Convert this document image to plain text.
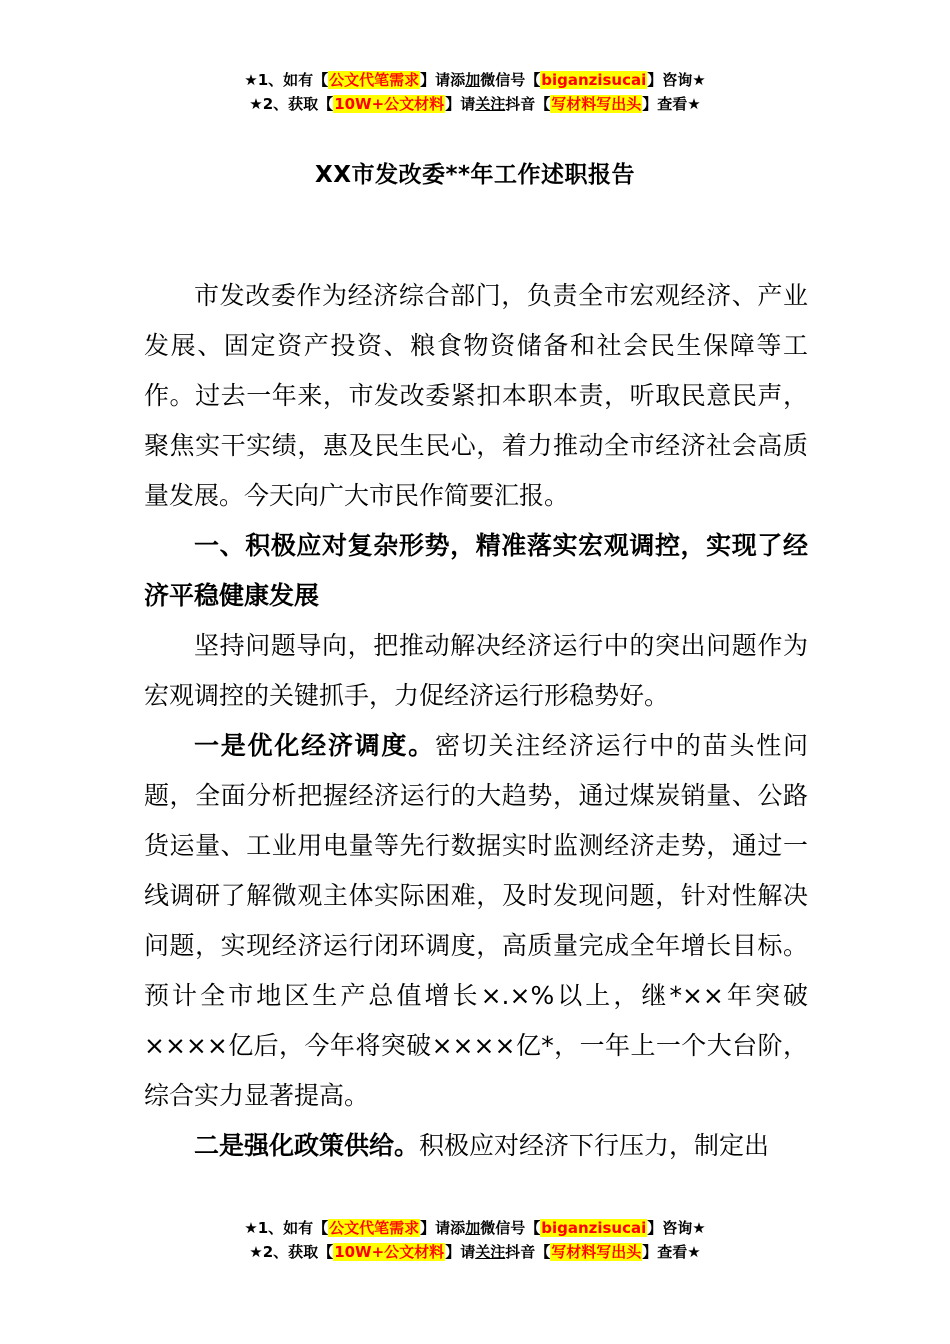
★1、如有【公文代笔需求】请添加微信号【biganzisucai】咨询★
★2、获取【10W+公文材料】请关注抖音【写材料写出头】查看★
XX市发改委**年工作述职报告

市发改委作为经济综合部门，负责全市宏观经济、产业发展、固定资产投资、粮食物资储备和社会民生保障等工作。过去一年来，市发改委紧扣本职本责，听取民意民声，聚焦实干实绩，惠及民生民心，着力推动全市经济社会高质量发展。今天向广大市民作简要汇报。

一、积极应对复杂形势，精准落实宏观调控，实现了经济平稳健康发展

坚持问题导向，把推动解决经济运行中的突出问题作为宏观调控的关键抓手，力促经济运行形稳势好。

一是优化经济调度。密切关注经济运行中的苗头性问题，全面分析把握经济运行的大趋势，通过煤炭销量、公路货运量、工业用电量等先行数据实时监测经济走势，通过一线调研了解微观主体实际困难，及时发现问题，针对性解决问题，实现经济运行闭环调度，高质量完成全年增长目标。预计全市地区生产总值增长×.×%以上，继*××年突破××××亿后，今年将突破××××亿*，一年上一个大台阶，综合实力显著提高。

二是强化政策供给。积极应对经济下行压力，制定出

★1、如有【公文代笔需求】请添加微信号【biganzisucai】咨询★
★2、获取【10W+公文材料】请关注抖音【写材料写出头】查看★
